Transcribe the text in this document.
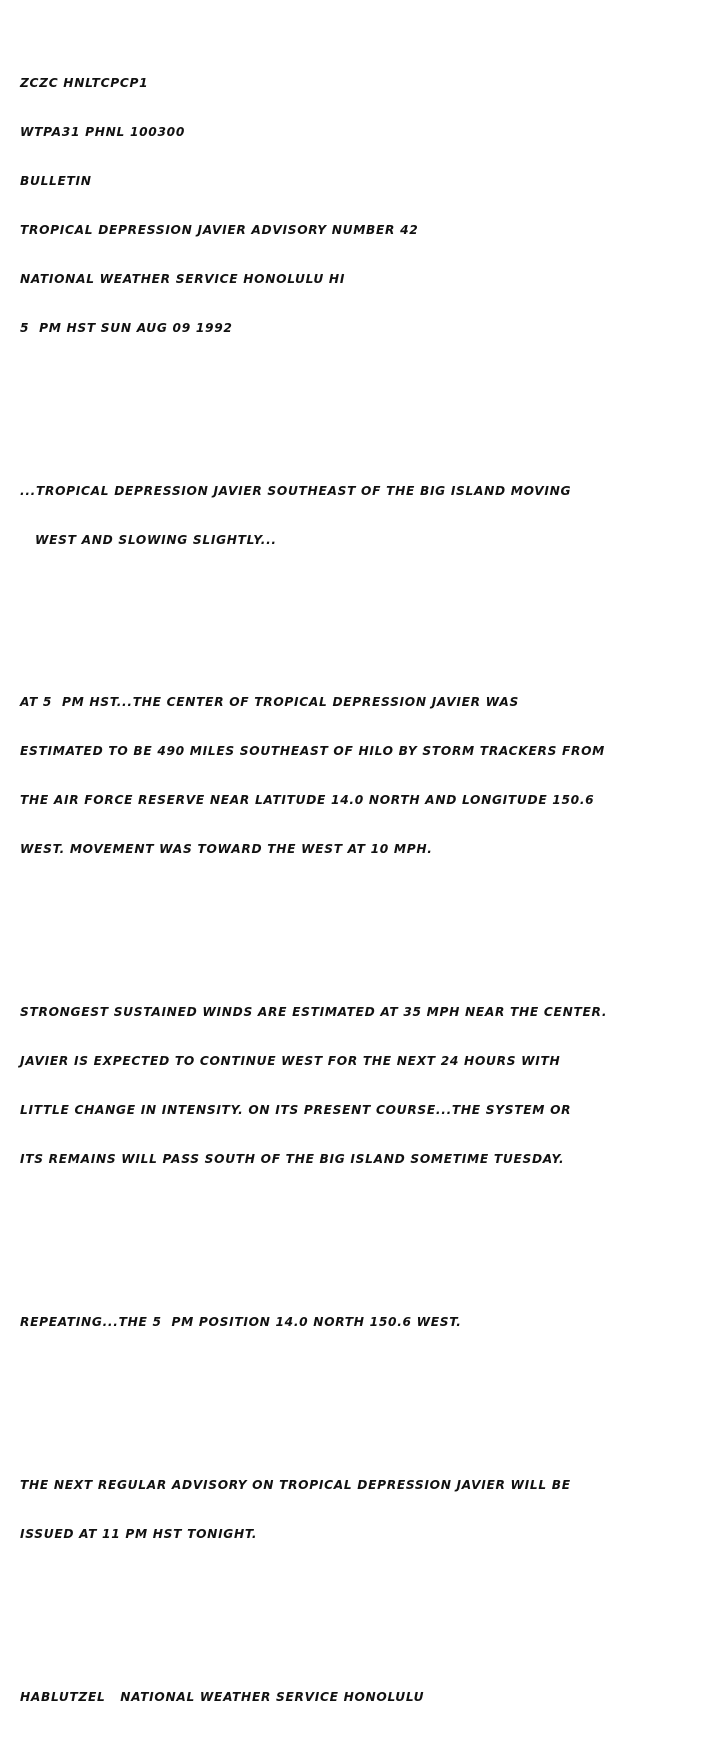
ZCZC HNLTCPCP1

WTPA31 PHNL 100300

BULLETIN

TROPICAL DEPRESSION JAVIER ADVISORY NUMBER 42

NATIONAL WEATHER SERVICE HONOLULU HI

5  PM HST SUN AUG 09 1992

...TROPICAL DEPRESSION JAVIER SOUTHEAST OF THE BIG ISLAND MOVING

WEST AND SLOWING SLIGHTLY...

AT 5  PM HST...THE CENTER OF TROPICAL DEPRESSION JAVIER WAS

ESTIMATED TO BE 490 MILES SOUTHEAST OF HILO BY STORM TRACKERS FROM

THE AIR FORCE RESERVE NEAR LATITUDE 14.0 NORTH AND LONGITUDE 150.6

WEST. MOVEMENT WAS TOWARD THE WEST AT 10 MPH.

STRONGEST SUSTAINED WINDS ARE ESTIMATED AT 35 MPH NEAR THE CENTER.

JAVIER IS EXPECTED TO CONTINUE WEST FOR THE NEXT 24 HOURS WITH

LITTLE CHANGE IN INTENSITY. ON ITS PRESENT COURSE...THE SYSTEM OR

ITS REMAINS WILL PASS SOUTH OF THE BIG ISLAND SOMETIME TUESDAY.

REPEATING...THE 5  PM POSITION 14.0 NORTH 150.6 WEST.

THE NEXT REGULAR ADVISORY ON TROPICAL DEPRESSION JAVIER WILL BE

ISSUED AT 11 PM HST TONIGHT.

HABLUTZEL   NATIONAL WEATHER SERVICE HONOLULU
